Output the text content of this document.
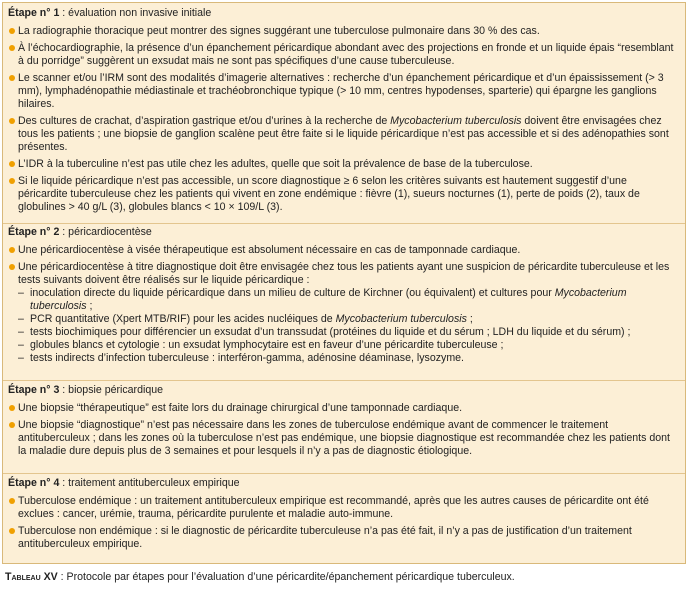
Étape n° 1 : évaluation non invasive initiale
La radiographie thoracique peut montrer des signes suggérant une tuberculose pulmonaire dans 30 % des cas.
À l’échocardiographie, la présence d’un épanchement péricardique abondant avec des projections en fronde et un liquide épais “resemblant à du porridge” suggèrent un exsudat mais ne sont pas spécifiques d’une cause tuberculeuse.
Le scanner et/ou l’IRM sont des modalités d’imagerie alternatives : recherche d’un épanchement péricardique et d’un épaississement (> 3 mm), lymphadénopathie médiastinale et trachéobronchique typique (> 10 mm, centres hypodenses, sparterie) qui épargne les ganglions hilaires.
Des cultures de crachat, d’aspiration gastrique et/ou d’urines à la recherche de Mycobacterium tuberculosis doivent être envisagées chez tous les patients ; une biopsie de ganglion scalène peut être faite si le liquide péricardique n’est pas accessible et si des adénopathies sont présentes.
L’IDR à la tuberculine n’est pas utile chez les adultes, quelle que soit la prévalence de base de la tuberculose.
Si le liquide péricardique n’est pas accessible, un score diagnostique ≥ 6 selon les critères suivants est hautement suggestif d’une péricardite tuberculeuse chez les patients qui vivent en zone endémique : fièvre (1), sueurs nocturnes (1), perte de poids (2), taux de globulines > 40 g/L (3), globules blancs < 10 × 109/L (3).
Étape n° 2 : péricardiocentèse
Une péricardiocentèse à visée thérapeutique est absolument nécessaire en cas de tamponnade cardiaque.
Une péricardiocentèse à titre diagnostique doit être envisagée chez tous les patients ayant une suspicion de péricardite tuberculeuse et les tests suivants doivent être réalisés sur le liquide péricardique :
– inoculation directe du liquide péricardique dans un milieu de culture de Kirchner (ou équivalent) et cultures pour Mycobacterium tuberculosis ;
– PCR quantitative (Xpert MTB/RIF) pour les acides nucléiques de Mycobacterium tuberculosis ;
– tests biochimiques pour différencier un exsudat d’un transsudat (protéines du liquide et du sérum ; LDH du liquide et du sérum) ;
– globules blancs et cytologie : un exsudat lymphocytaire est en faveur d’une péricardite tuberculeuse ;
– tests indirects d’infection tuberculeuse : interféron-gamma, adénosine déaminase, lysozyme.
Étape n° 3 : biopsie péricardique
Une biopsie “thérapeutique” est faite lors du drainage chirurgical d’une tamponnade cardiaque.
Une biopsie “diagnostique” n’est pas nécessaire dans les zones de tuberculose endémique avant de commencer le traitement antituberculeux ; dans les zones où la tuberculose n’est pas endémique, une biopsie diagnostique est recommandée chez les patients dont la maladie dure depuis plus de 3 semaines et pour lesquels il n’y a pas de diagnostic étiologique.
Étape n° 4 : traitement antituberculeux empirique
Tuberculose endémique : un traitement antituberculeux empirique est recommandé, après que les autres causes de péricardite ont été exclues : cancer, urémie, trauma, péricardite purulente et maladie auto-immune.
Tuberculose non endémique : si le diagnostic de péricardite tuberculeuse n’a pas été fait, il n’y a pas de justification d’un traitement antituberculeux empirique.
Tableau XV : Protocole par étapes pour l’évaluation d’une péricardite/épanchement péricardique tuberculeux.
